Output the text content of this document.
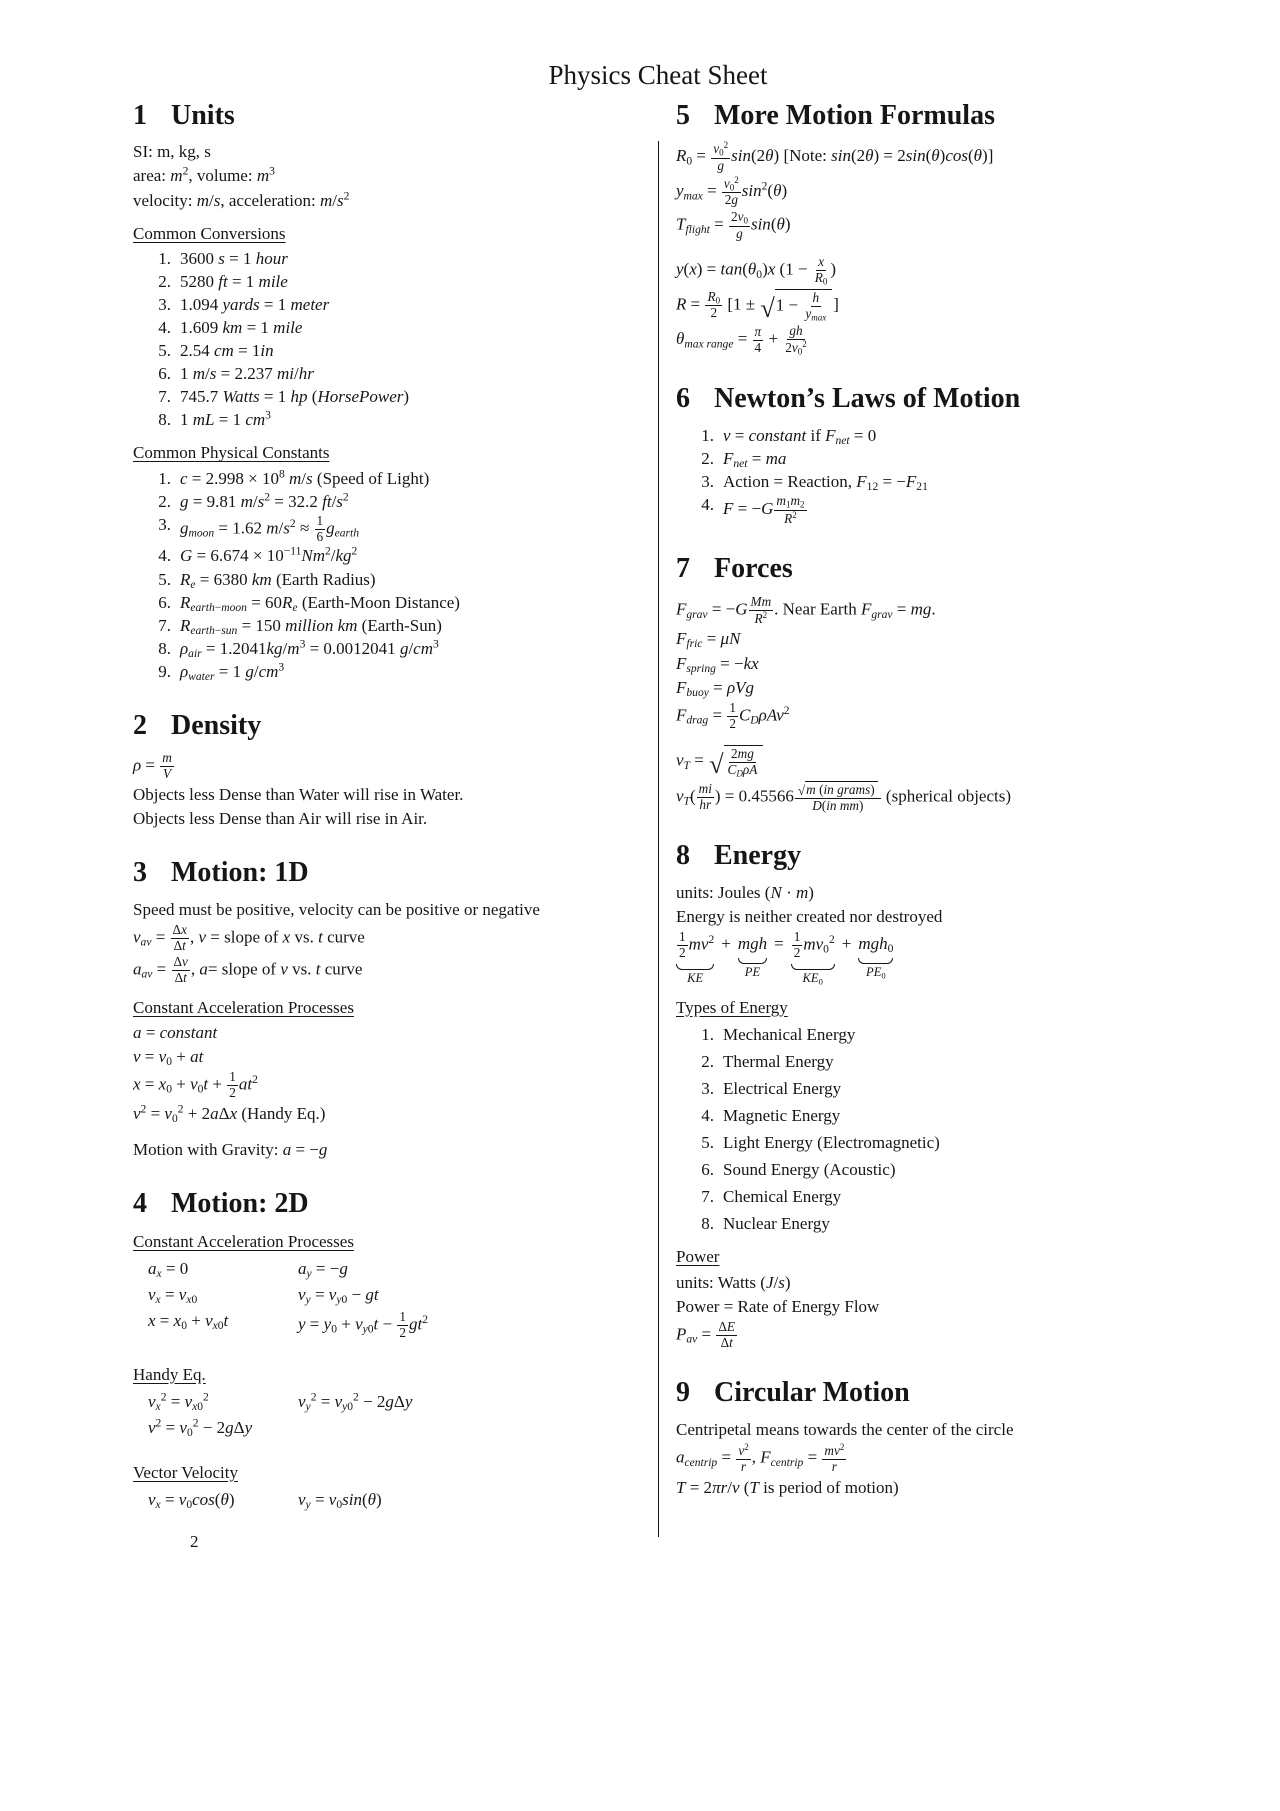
Physics Cheat Sheet
1 Units
SI: m, kg, s
area: $m^2$, volume: $m^3$
velocity: m/s, acceleration: $m/s^2$
Common Conversions
1. 3600 s = 1 hour
2. 5280 ft = 1 mile
3. 1.094 yards = 1 meter
4. 1.609 km = 1 mile
5. 2.54 cm = 1in
6. 1 m/s = 2.237 mi/hr
7. 745.7 Watts = 1 hp (HorsePower)
8. 1 mL = 1 $cm^3$
Common Physical Constants
1. $c = 2.998 \times 10^8$ m/s (Speed of Light)
2. g = 9.81 $m/s^2 = 32.2$ $ft/s^2$
3. $g_{moon} = 1.62$ $m/s^2 \approx \frac{1}{6} g_{earth}$
4. $G = 6.674 \times 10^{-11}Nm^2/kg^2$
5. $R_e = 6380$ km (Earth Radius)
6. $R_{earth-moon} = 60R_e$ (Earth-Moon Distance)
7. $R_{earth-sun} = 150$ million km (Earth-Sun)
8. $\rho_{air} = 1.2041kg/m^3 = 0.0012041$ $g/cm^3$
9. $\rho_{water} = 1$ $g/cm^3$
2 Density
$\rho = \frac{m}{V}$
Objects less Dense than Water will rise in Water.
Objects less Dense than Air will rise in Air.
3 Motion: 1D
Speed must be positive, velocity can be positive or negative
$v_{av} = \frac{\Delta x}{\Delta t}$ , v = slope of x vs. t curve
$a_{av} = \frac{\Delta v}{\Delta t}$ , a= slope of v vs. t curve
Constant Acceleration Processes
a = constant
$v = v_0$ + at
$x = x_0 + v_0t + \frac{1}{2} at^2$
$v^2 = v_0^2 + 2a\Delta x$ (Handy Eq.)
Motion with Gravity: a = −g
4 Motion: 2D
Constant Acceleration Processes
$a_x = 0$	$a_y = -g$
$v_x = v_{x0}$	$v_y = v_{y0}$ − gt
$x = x_0 + v_{x0}t$	$y = y_0 + v_{y0}t - \frac{1}{2} gt^2$
Handy Eq.
$v_x^2 = v_{x0}^2$	$v_y^2 = v_{y0}^2 - 2g\Delta y$
$v^2 = v_0^2 - 2g\Delta y$
Vector Velocity
$v_x = v_0\cos(\theta)$	$v_y = v_0\sin(\theta)$
2
5 More Motion Formulas
$R_0 = \frac{v_0^2}{g} \sin(2\theta)$ [Note: sin(2θ) = 2sin(θ)cos(θ)]
$y_{max} = \frac{v_0^2}{2g} \sin^2(\theta)$
$T_{flight} = \frac{2v_0}{g} \sin(\theta)$
$y(x) = \tan(\theta_0)x$ ($1 - \frac{x}{R_0}$ )
$R = \frac{R_0}{2} [1$ ± √ $1 - \frac{h}{y_{max}}$ ]
$\theta_{max range} = \frac{\pi}{4} + \frac{gh}{2v_0^2}$
6 Newton’s Laws of Motion
1. v = constant if $F_{net} = 0$
2. $F_{net}$ = ma
3. Action = Reaction, $F_{12} = -F_{21}$
4. $F = -G \frac{m_1m_2}{R^2}$
7 Forces
$F_{grav} = -G \frac{Mm}{R^2}$ . Near Earth $F_{grav}$ = mg.
$F_{fric} = \mu N$
$F_{spring} = -kx$
$F_{buoy} = \rho Vg$
$F_{drag} = \frac{1}{2} C_D\rho Av^2$
$v_T$ = √ $\frac{2mg}{C_D\rho A}$
$v_T( \frac{mi}{hr}$ ) = $0.45566 \frac{\text{√ m (in grams)}}{\text{D(in mm)}}$ (spherical objects)
8 Energy
units: Joules (N · m)
Energy is neither created nor destroyed
$\frac{1}{2} mv^2$
KE
+ mgh
PE
= $\frac{1}{2} mv_0^2$
$KE_0$
+ mgh$_0$
$PE_0$
Types of Energy
1. Mechanical Energy
2. Thermal Energy
3. Electrical Energy
4. Magnetic Energy
5. Light Energy (Electromagnetic)
6. Sound Energy (Acoustic)
7. Chemical Energy
8. Nuclear Energy
Power
units: Watts (J/s)
Power = Rate of Energy Flow
$P_{av} = \frac{\Delta E}{\Delta t}$
9 Circular Motion
Centripetal means towards the center of the circle
$a_{centrip} = \frac{v^2}{r}$ , $F_{centrip} = \frac{mv^2}{r}$
T = 2πr/v (T is period of motion)
